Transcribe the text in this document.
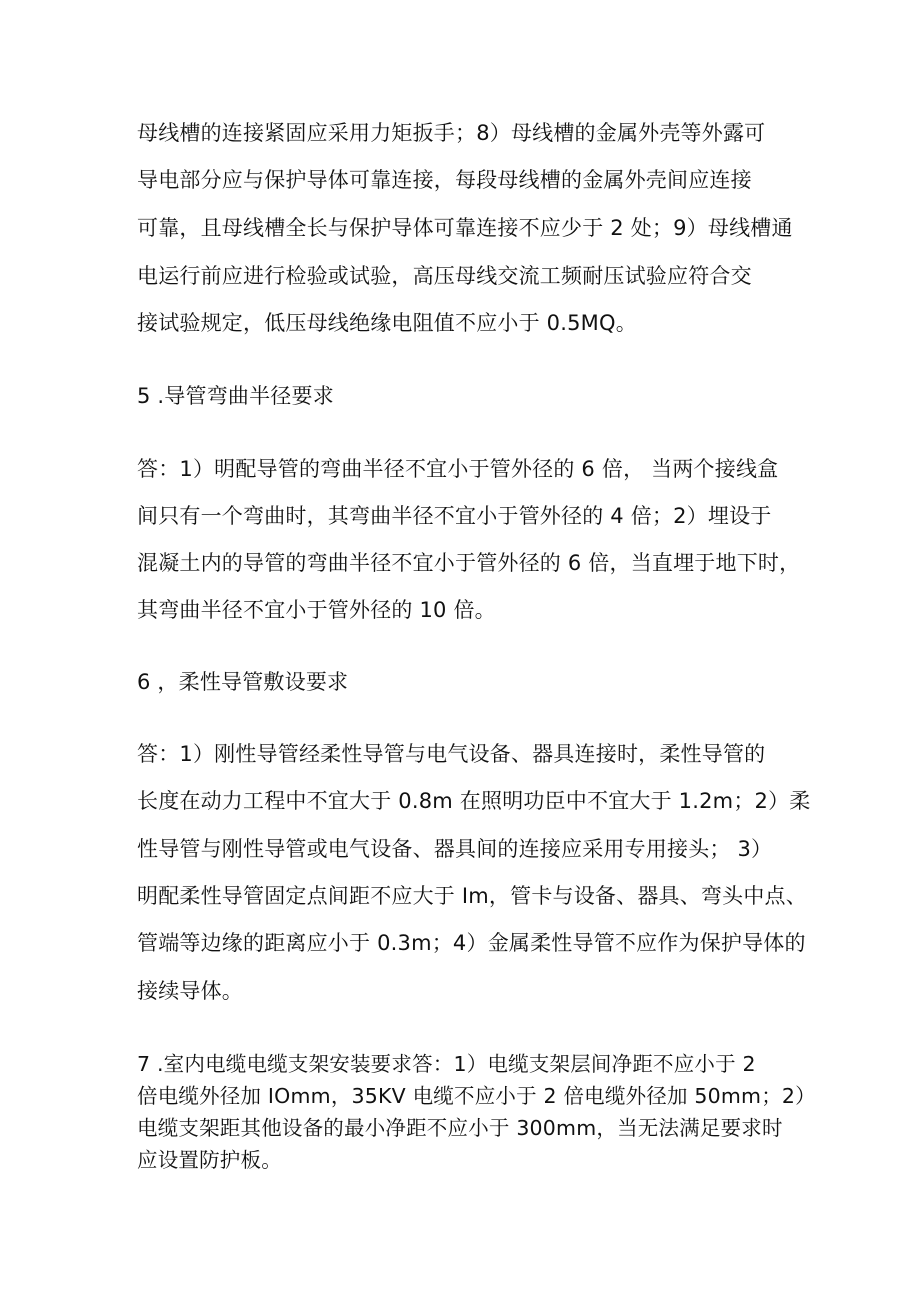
母线槽的连接紧固应采用力矩扳手；8）母线槽的金属外壳等外露可
导电部分应与保护导体可靠连接，每段母线槽的金属外壳间应连接
可靠，且母线槽全长与保护导体可靠连接不应少于 2 处；9）母线槽通
电运行前应进行检验或试验，高压母线交流工频耐压试验应符合交
接试验规定，低压母线绝缘电阻值不应小于 0.5MQ。
5 .导管弯曲半径要求
答：1）明配导管的弯曲半径不宜小于管外径的 6 倍， 当两个接线盒
间只有一个弯曲时，其弯曲半径不宜小于管外径的 4 倍；2）埋设于
混凝土内的导管的弯曲半径不宜小于管外径的 6 倍，当直埋于地下时，
其弯曲半径不宜小于管外径的 10 倍。
6 ，柔性导管敷设要求
答：1）刚性导管经柔性导管与电气设备、器具连接时，柔性导管的
长度在动力工程中不宜大于 0.8m 在照明功臣中不宜大于 1.2m；2）柔
性导管与刚性导管或电气设备、器具间的连接应采用专用接头； 3）
明配柔性导管固定点间距不应大于 Im，管卡与设备、器具、弯头中点、
管端等边缘的距离应小于 0.3m；4）金属柔性导管不应作为保护导体的
接续导体。
7 .室内电缆电缆支架安装要求答：1）电缆支架层间净距不应小于 2
倍电缆外径加 IOmm，35KV 电缆不应小于 2 倍电缆外径加 50mm；2）
电缆支架距其他设备的最小净距不应小于 300mm，当无法满足要求时
应设置防护板。
